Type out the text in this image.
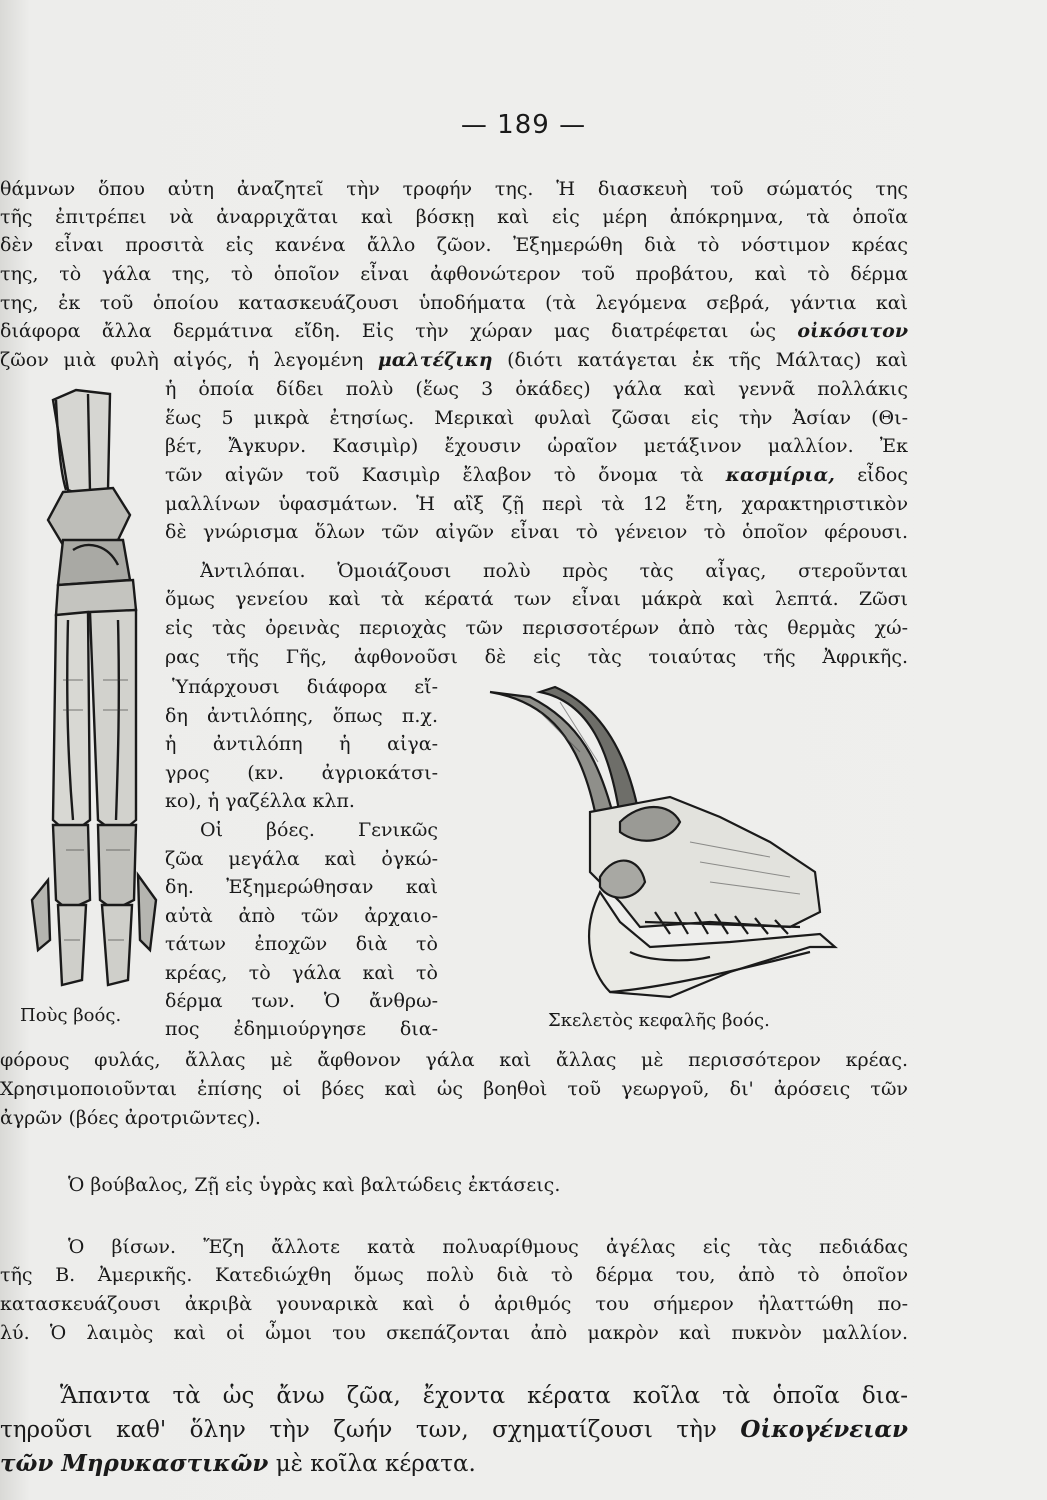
— 189 —
θάμνων ὅπου αὐτη ἀναζητεῖ τὴν τροφήν της. Ἡ διασκευὴ τοῦ σώματός της
τῆς ἐπιτρέπει νὰ ἀναρριχᾶται καὶ βόσκῃ καὶ εἰς μέρη ἀπόκρημνα, τὰ ὁποῖα
δὲν εἶναι προσιτὰ εἰς κανένα ἄλλο ζῶον. Ἐξημερώθη διὰ τὸ νόστιμον κρέας
της, τὸ γάλα της, τὸ ὁποῖον εἶναι ἀφθονώτερον τοῦ προβάτου, καὶ τὸ δέρμα
της, ἐκ τοῦ ὁποίου κατασκευάζουσι ὑποδήματα (τὰ λεγόμενα σεβρά, γάντια καὶ
διάφορα ἄλλα δερμάτινα εἴδη. Εἰς τὴν χώραν μας διατρέφεται ὡς οἰκόσιτον
ζῶον μιὰ φυλὴ αἰγός, ἡ λεγομένη μαλτέζικη (διότι κατάγεται ἐκ τῆς Μάλτας) καὶ
ἡ ὁποία δίδει πολὺ (ἕως 3 ὀκάδες) γάλα καὶ γεννᾶ πολλάκις
ἕως 5 μικρὰ ἐτησίως. Μερικαὶ φυλαὶ ζῶσαι εἰς τὴν Ἀσίαν (Θι-
βέτ, Ἄγκυρν. Κασιμὶρ) ἔχουσιν ὡραῖον μετάξινον μαλλίον. Ἐκ
τῶν αἰγῶν τοῦ Κασιμὶρ ἔλαβον τὸ ὄνομα τὰ κασμίρια, εἶδος
μαλλίνων ὑφασμάτων. Ἡ αἲξ ζῇ περὶ τὰ 12 ἔτη, χαρακτηριστικὸν
δὲ γνώρισμα ὅλων τῶν αἰγῶν εἶναι τὸ γένειον τὸ ὁποῖον φέρουσι.
Ἀντιλόπαι. Ὁμοιάζουσι πολὺ πρὸς τὰς αἶγας, στεροῦνται
ὅμως γενείου καὶ τὰ κέρατά των εἶναι μάκρὰ καὶ λεπτά. Ζῶσι
εἰς τὰς ὀρεινὰς περιοχὰς τῶν περισσοτέρων ἀπὸ τὰς θερμὰς χώ-
ρας τῆς Γῆς, ἀφθονοῦσι δὲ εἰς τὰς τοιαύτας τῆς Ἀφρικῆς.
Ὑπάρχουσι διάφορα εἴ-
δη ἀντιλόπης, ὅπως π.χ.
ἡ ἀντιλόπη ἡ αἰγα-
γρος (κν. ἀγριοκάτσι-
κο), ἡ γαζέλλα κλπ.
Οἱ βόες. Γενικῶς
ζῶα μεγάλα καὶ ὀγκώ-
δη. Ἐξημερώθησαν καὶ
αὐτὰ ἀπὸ τῶν ἀρχαιο-
τάτων ἐποχῶν διὰ τὸ
κρέας, τὸ γάλα καὶ τὸ
δέρμα των. Ὁ ἄνθρω-
πος ἐδημιούργησε δια-
Ποὺς βοός.	Σκελετὸς κεφαλῆς βοός.
φόρους φυλάς, ἄλλας μὲ ἄφθονον γάλα καὶ ἄλλας μὲ περισσότερον κρέας.
Χρησιμοποιοῦνται ἐπίσης οἱ βόες καὶ ὡς βοηθοὶ τοῦ γεωργοῦ, δι' ἀρόσεις τῶν
ἀγρῶν (βόες ἀροτριῶντες).
Ὁ βούβαλος, Ζῇ εἰς ὑγρὰς καὶ βαλτώδεις ἐκτάσεις.
Ὁ βίσων. Ἔζη ἄλλοτε κατὰ πολυαρίθμους ἀγέλας εἰς τὰς πεδιάδας
τῆς Β. Ἀμερικῆς. Κατεδιώχθη ὅμως πολὺ διὰ τὸ δέρμα του, ἀπὸ τὸ ὁποῖον
κατασκευάζουσι ἀκριβὰ γουναρικὰ καὶ ὁ ἀριθμός του σήμερον ἠλαττώθη πο-
λύ. Ὁ λαιμὸς καὶ οἱ ὦμοι του σκεπάζονται ἀπὸ μακρὸν καὶ πυκνὸν μαλλίον.
Ἅπαντα τὰ ὡς ἄνω ζῶα, ἔχοντα κέρατα κοῖλα τὰ ὁποῖα δια-
τηροῦσι καθ' ὅλην τὴν ζωήν των, σχηματίζουσι τὴν Οἰκογένειαν
τῶν Μηρυκαστικῶν μὲ κοῖλα κέρατα.
